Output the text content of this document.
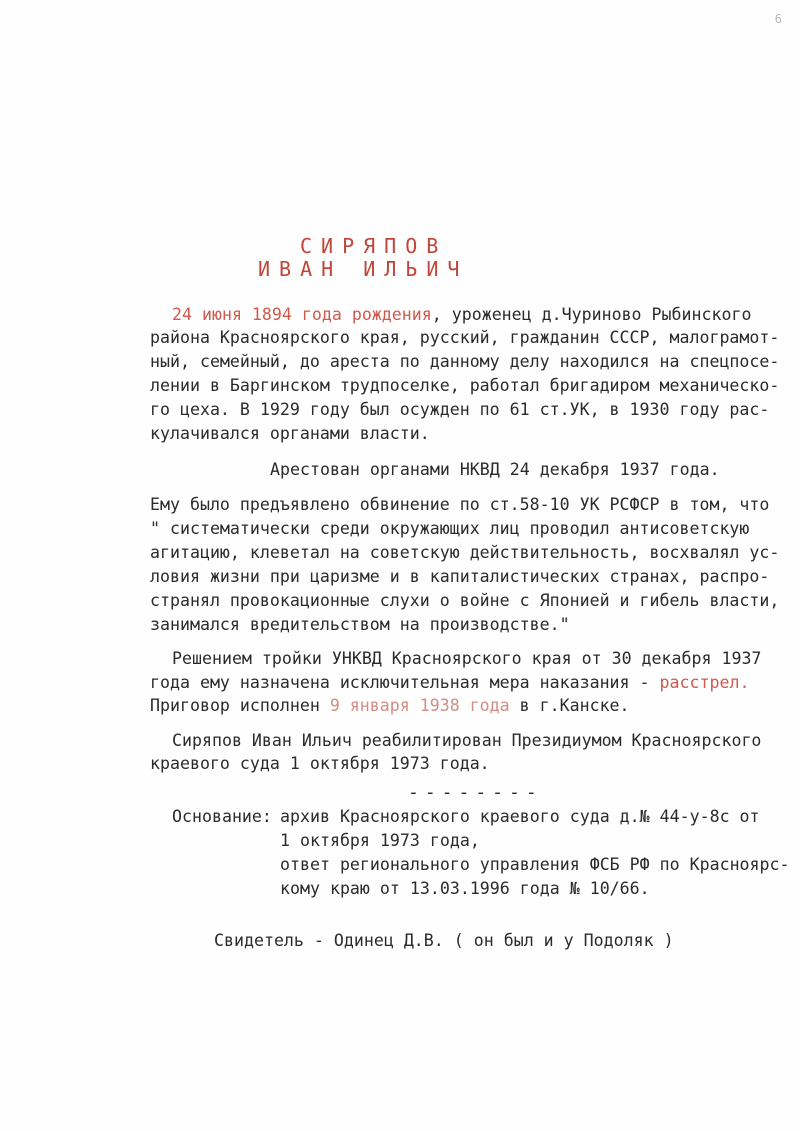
6
СИРЯПОВ
ИВАН ИЛЬИЧ
24 июня 1894 года рождения, уроженец д.Чуриново Рыбинского
района Красноярского края, русский, гражданин СССР, малограмот-
ный, семейный, до ареста по данному делу находился на спецпосе-
лении в Баргинском трудпоселке, работал бригадиром механическо-
го цеха. В 1929 году был осужден по 61 ст.УК, в 1930 году рас-
кулачивался органами власти.
Арестован органами НКВД 24 декабря 1937 года.
Ему было предъявлено обвинение по ст.58-10 УК РСФСР в том, что
" систематически среди окружающих лиц проводил антисоветскую
агитацию, клеветал на советскую действительность, восхвалял ус-
ловия жизни при царизме и в капиталистических странах, распро-
странял провокационные слухи о войне с Японией и гибель власти,
занимался вредительством на производстве."
Решением тройки УНКВД Красноярского края от 30 декабря 1937
года ему назначена исключительная мера наказания - расстрел.
Приговор исполнен 9 января 1938 года в г.Канске.
Сиряпов Иван Ильич реабилитирован Президиумом Красноярского
краевого суда 1 октября 1973 года.
--------
Основание: архив Красноярского краевого суда д.№ 44-у-8с от
1 октября 1973 года,
ответ регионального управления ФСБ РФ по Красноярс-
кому краю от 13.03.1996 года № 10/66.
Свидетель - Одинец Д.В. ( он был и у Подоляк )
